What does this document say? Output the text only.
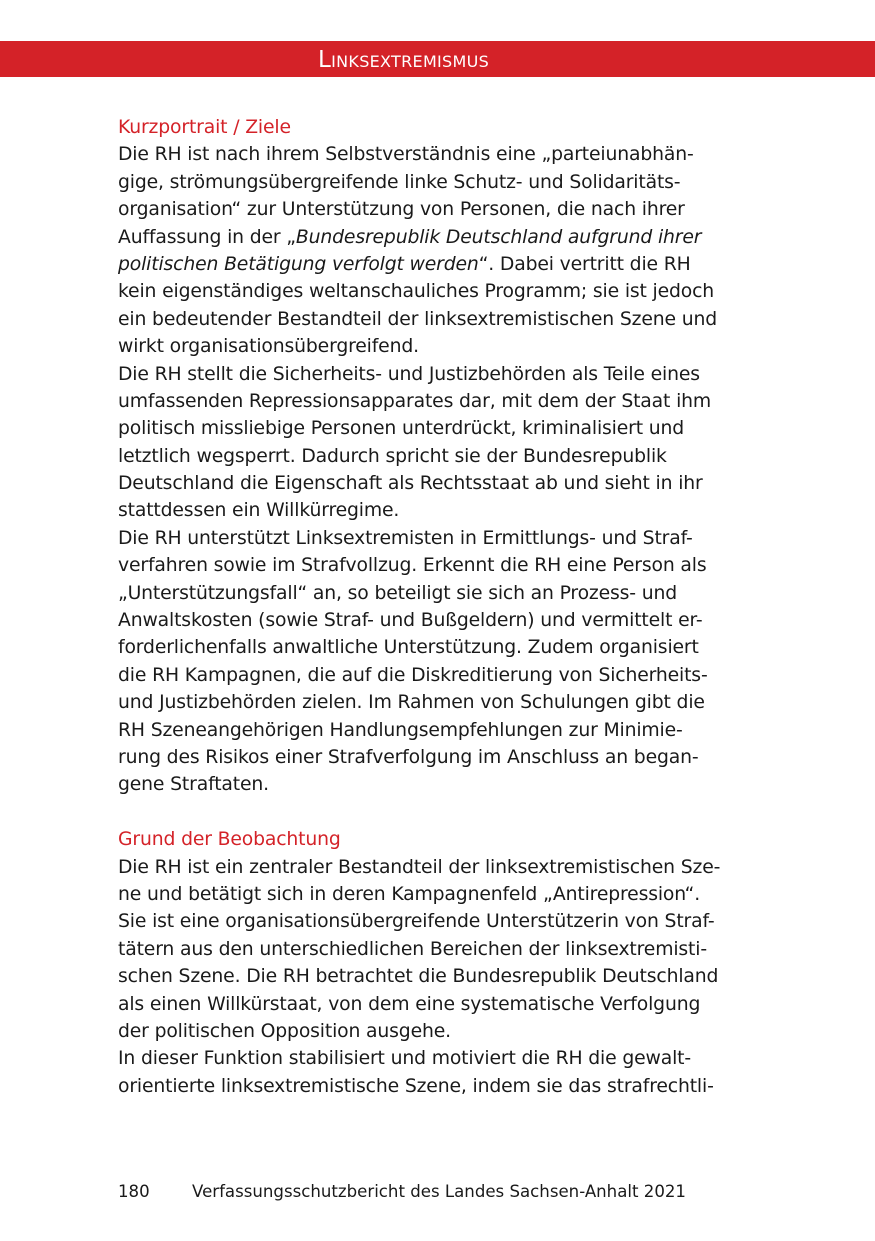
Linksextremismus
Kurzportrait / Ziele
Die RH ist nach ihrem Selbstverständnis eine „parteiunabhän-
gige, strömungsübergreifende linke Schutz- und Solidaritäts-
organisation“ zur Unterstützung von Personen, die nach ihrer
Auffassung in der „Bundesrepublik Deutschland aufgrund ihrer
politischen Betätigung verfolgt werden“. Dabei vertritt die RH
kein eigenständiges weltanschauliches Programm; sie ist jedoch
ein bedeutender Bestandteil der linksextremistischen Szene und
wirkt organisationsübergreifend.
Die RH stellt die Sicherheits- und Justizbehörden als Teile eines
umfassenden Repressionsapparates dar, mit dem der Staat ihm
politisch missliebige Personen unterdrückt, kriminalisiert und
letztlich wegsperrt. Dadurch spricht sie der Bundesrepublik
Deutschland die Eigenschaft als Rechtsstaat ab und sieht in ihr
stattdessen ein Willkürregime.
Die RH unterstützt Linksextremisten in Ermittlungs- und Straf-
verfahren sowie im Strafvollzug. Erkennt die RH eine Person als
„Unterstützungsfall“ an, so beteiligt sie sich an Prozess- und
Anwaltskosten (sowie Straf- und Bußgeldern) und vermittelt er-
forderlichenfalls anwaltliche Unterstützung. Zudem organisiert
die RH Kampagnen, die auf die Diskreditierung von Sicherheits-
und Justizbehörden zielen. Im Rahmen von Schulungen gibt die
RH Szeneangehörigen Handlungsempfehlungen zur Minimie-
rung des Risikos einer Strafverfolgung im Anschluss an began-
gene Straftaten.
Grund der Beobachtung
Die RH ist ein zentraler Bestandteil der linksextremistischen Sze-
ne und betätigt sich in deren Kampagnenfeld „Antirepression“.
Sie ist eine organisationsübergreifende Unterstützerin von Straf-
tätern aus den unterschiedlichen Bereichen der linksextremisti-
schen Szene. Die RH betrachtet die Bundesrepublik Deutschland
als einen Willkürstaat, von dem eine systematische Verfolgung
der politischen Opposition ausgehe.
In dieser Funktion stabilisiert und motiviert die RH die gewalt-
orientierte linksextremistische Szene, indem sie das strafrechtli-
180	Verfassungsschutzbericht des Landes Sachsen-Anhalt 2021
